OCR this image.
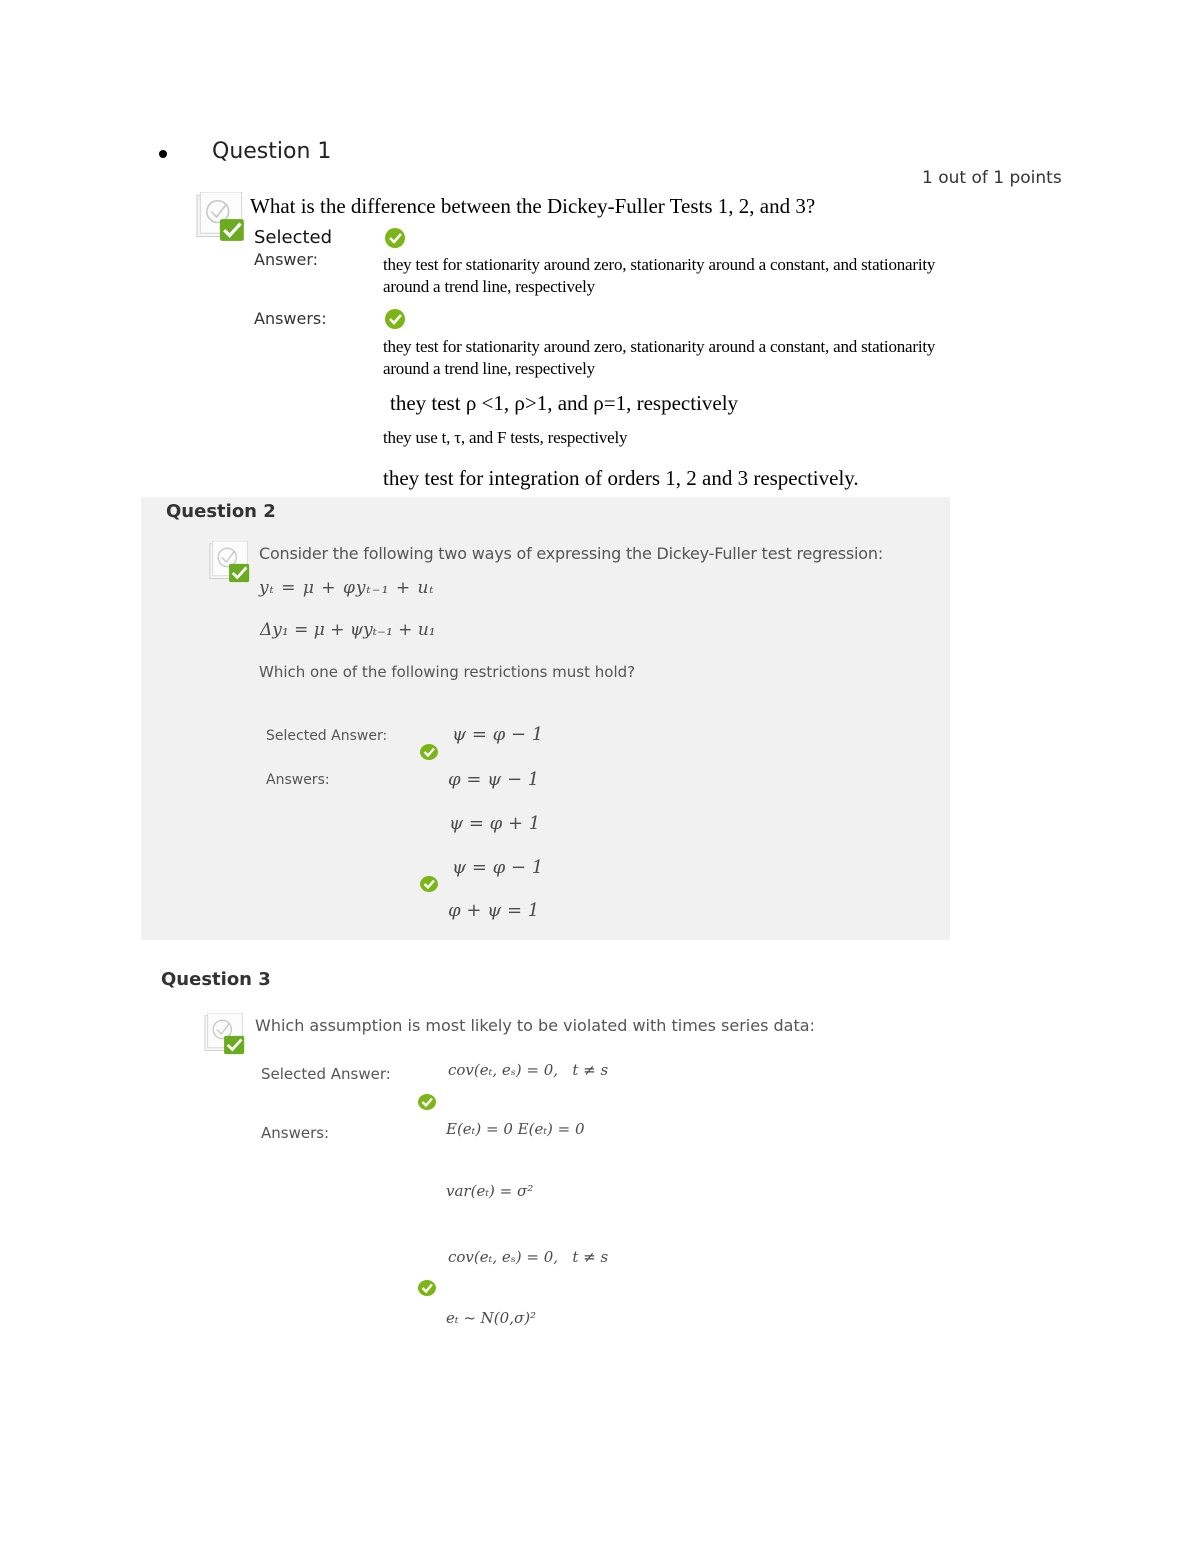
Question 1
1 out of 1 points
What is the difference between the Dickey-Fuller Tests 1, 2, and 3?
Selected
Answer:	they test for stationarity around zero, stationarity around a constant, and stationarity
around a trend line, respectively
Answers:
they test for stationarity around zero, stationarity around a constant, and stationarity
around a trend line, respectively
they test ρ <1, ρ>1, and ρ=1, respectively
they use t, τ, and F tests, respectively
they test for integration of orders 1, 2 and 3 respectively.
Question 2
Consider the following two ways of expressing the Dickey-Fuller test regression:
yₜ = μ + φyₜ₋₁ + uₜ
Δy₁ = μ + ψyₜ₋₁ + u₁
Which one of the following restrictions must hold?
Selected Answer:	ψ = φ − 1
Answers:	φ = ψ − 1
ψ = φ + 1
ψ = φ − 1
φ + ψ = 1
Question 3
Which assumption is most likely to be violated with times series data:
Selected Answer:	cov(eₜ, eₛ) = 0,   t ≠ s
Answers:	E(eₜ) = 0 E(eₜ) = 0
var(eₜ) = σ²
cov(eₜ, eₛ) = 0,   t ≠ s
eₜ ~ N(0,σ)²
